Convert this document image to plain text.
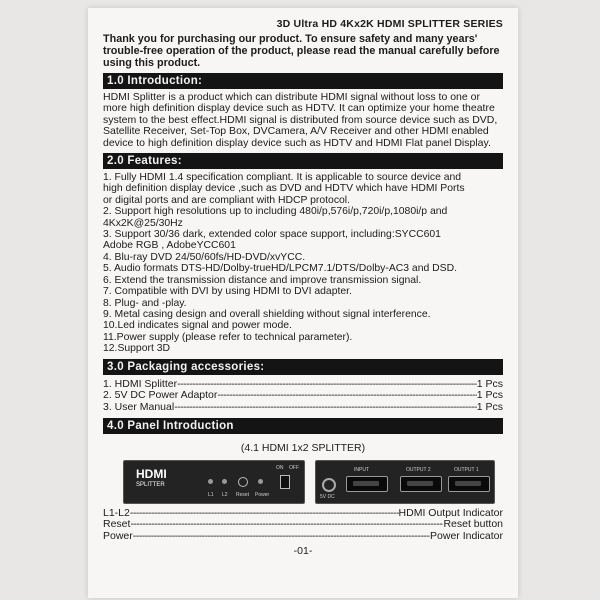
3D Ultra HD 4Kx2K HDMI SPLITTER SERIES
Thank you for purchasing our product. To ensure safety and many years' trouble-free operation of the product, please read the manual carefully before using this product.
1.0 Introduction:
HDMI Splitter is a product which can distribute HDMI signal without loss to one or more high definition display device such as HDTV. It can optimize your home theatre system to the best effect.HDMI signal is distributed from source device such as DVD, Satellite Receiver, Set-Top Box, DVCamera, A/V Receiver and other HDMI enabled device to high definition display device such as HDTV and HDMI Flat panel Display.
2.0 Features:
1. Fully HDMI 1.4 specification compliant. It is applicable to source device and
high definition display device ,such as DVD and HDTV which have HDMI Ports
or digital ports and are compliant with HDCP protocol.
2. Support high resolutions up to including 480i/p,576i/p,720i/p,1080i/p and
4Kx2K@25/30Hz
3. Support 30/36 dark, extended color space support, including:SYCC601
Adobe RGB , AdobeYCC601
4. Blu-ray DVD 24/50/60fs/HD-DVD/xvYCC.
5. Audio formats DTS-HD/Dolby-trueHD/LPCM7.1/DTS/Dolby-AC3 and DSD.
6. Extend the transmission distance and improve transmission signal.
7. Compatible with DVI by using HDMI to DVI adapter.
8. Plug- and -play.
9. Metal casing design and overall shielding without signal interference.
10.Led indicates signal and power mode.
11.Power supply (please refer to technical parameter).
12.Support 3D
3.0 Packaging accessories:
1. HDMI Splitter -----	1 Pcs
2. 5V DC Power Adaptor -----	1 Pcs
3. User Manual -----	1 Pcs
4.0 Panel Introduction
(4.1 HDMI 1x2 SPLITTER)
HDMI
SPLITTER
L1 L2 Reset Power
ON OFF
5V DC
INPUT	OUTPUT 2	OUTPUT 1
L1-L2 -----	HDMI Output Indicator
Reset -----	Reset button
Power -----	Power Indicator
-01-
